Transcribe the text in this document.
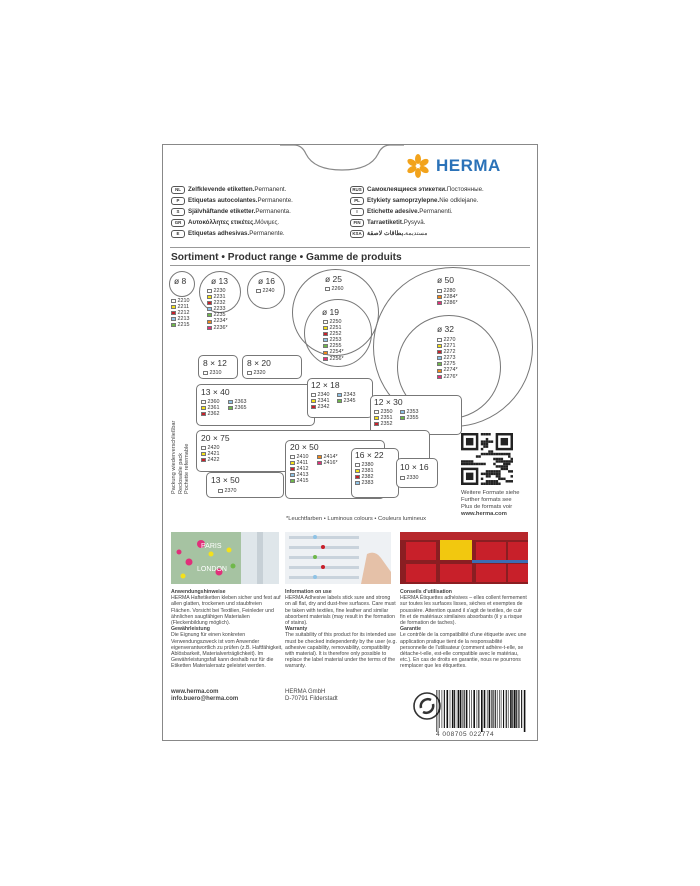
HERMA
NL	Zelfklevende etiketten. Permanent.
P	Etiquetas autocolantes. Permanente.
S	Självhäftande etiketter. Permanenta.
GR	Αυτοκόλλητες ετικέτες. Μόνιμες.
E	Etiquetas adhesivas. Permanente.
RUS Самоклеящиеся этикетки. Постоянные.
PL	Etykiety samoprzylepne. Nie odklejane.
I	Etichette adesive. Permanenti.
FIN	Tarraetiketit. Pysyvä.
KSA بطاقات لاصقة. مستديمة
Sortiment • Product range • Gamme de produits
ø 8
2210
2211
2212
2213
2215
ø 13
2230
2231
2232
2233
2235
2234*
2236*
ø 16
2240
ø 25
2260
ø 19
2250
2251
2252
2253
2255
2254*
2256*
ø 50
2280
2284*
2286*
ø 32
2270
2271
2272
2273
2275
2274*
2276*
8 × 12
2310
8 × 20
2320
13 × 40
2360
2361
2362
2363
2365
12 × 18
2340
2341
2342
2343
2345 12 × 30
2350
2351
2352
2353
2355
20 × 75
2420
2421
2422
20 × 50
2410
2411
2412
2413
2415
2414*
2416*
16 × 22
2380
2381
2382
2383
10 × 16
2330
13 × 50
2370
Packung wiederverschließbar Reclosable pack Pochette refermable	Weitere Formate siehe
Further formats see
Plus de formats voir
www.herma.com
*Leuchtfarben • Luminous colours • Couleurs lumineux
PARIS
LONDON
Anwendungshinweise
HERMA Haftetiketten kleben sicher und fest auf allen glatten, trockenen und staubfreien Flächen. Vorsicht bei Textilien, Feinleder und ähnlichen saugfähigen Materialien (Fleckenbildung möglich).
Gewährleistung
Die Eignung für einen konkreten Verwendungszweck ist vom Anwender eigenverantwortlich zu prüfen (z.B. Haftfähigkeit, Ablösbarkeit, Materialverträglichkeit). Im Gewährleistungsfall kann deshalb nur für die Etiketten Materialersatz geleistet werden.
Information on use
HERMA Adhesive labels stick sure and strong on all flat, dry and dust-free surfaces. Care must be taken with textiles, fine leather and similar absorbent materials (may result in the formation of stains).
Warranty
The suitability of this product for its intended use must be checked independently by the user (e.g. adhesive capability, removability, compatibility with material). It is therefore only possible to replace the label material under the terms of the warranty.
Conseils d'utilisation
HERMA Étiquettes adhésives – elles collent fermement sur toutes les surfaces lisses, sèches et exemptes de poussière. Attention quand il s'agit de textiles, de cuir fin et de matériaux similaires absorbants (il y a risque de formation de taches).
Garantie
Le contrôle de la compatibilité d'une étiquette avec une application pratique tient de la responsabilité personnelle de l'utilisateur (comment adhère-t-elle, se détache-t-elle, est-elle compatible avec le matériau, etc.). En cas de droits en garantie, nous ne pourrons remplacer que les étiquettes.
www.herma.com
info.buero@herma.com
HERMA GmbH
D-70791 Filderstadt
4 008705 022774
